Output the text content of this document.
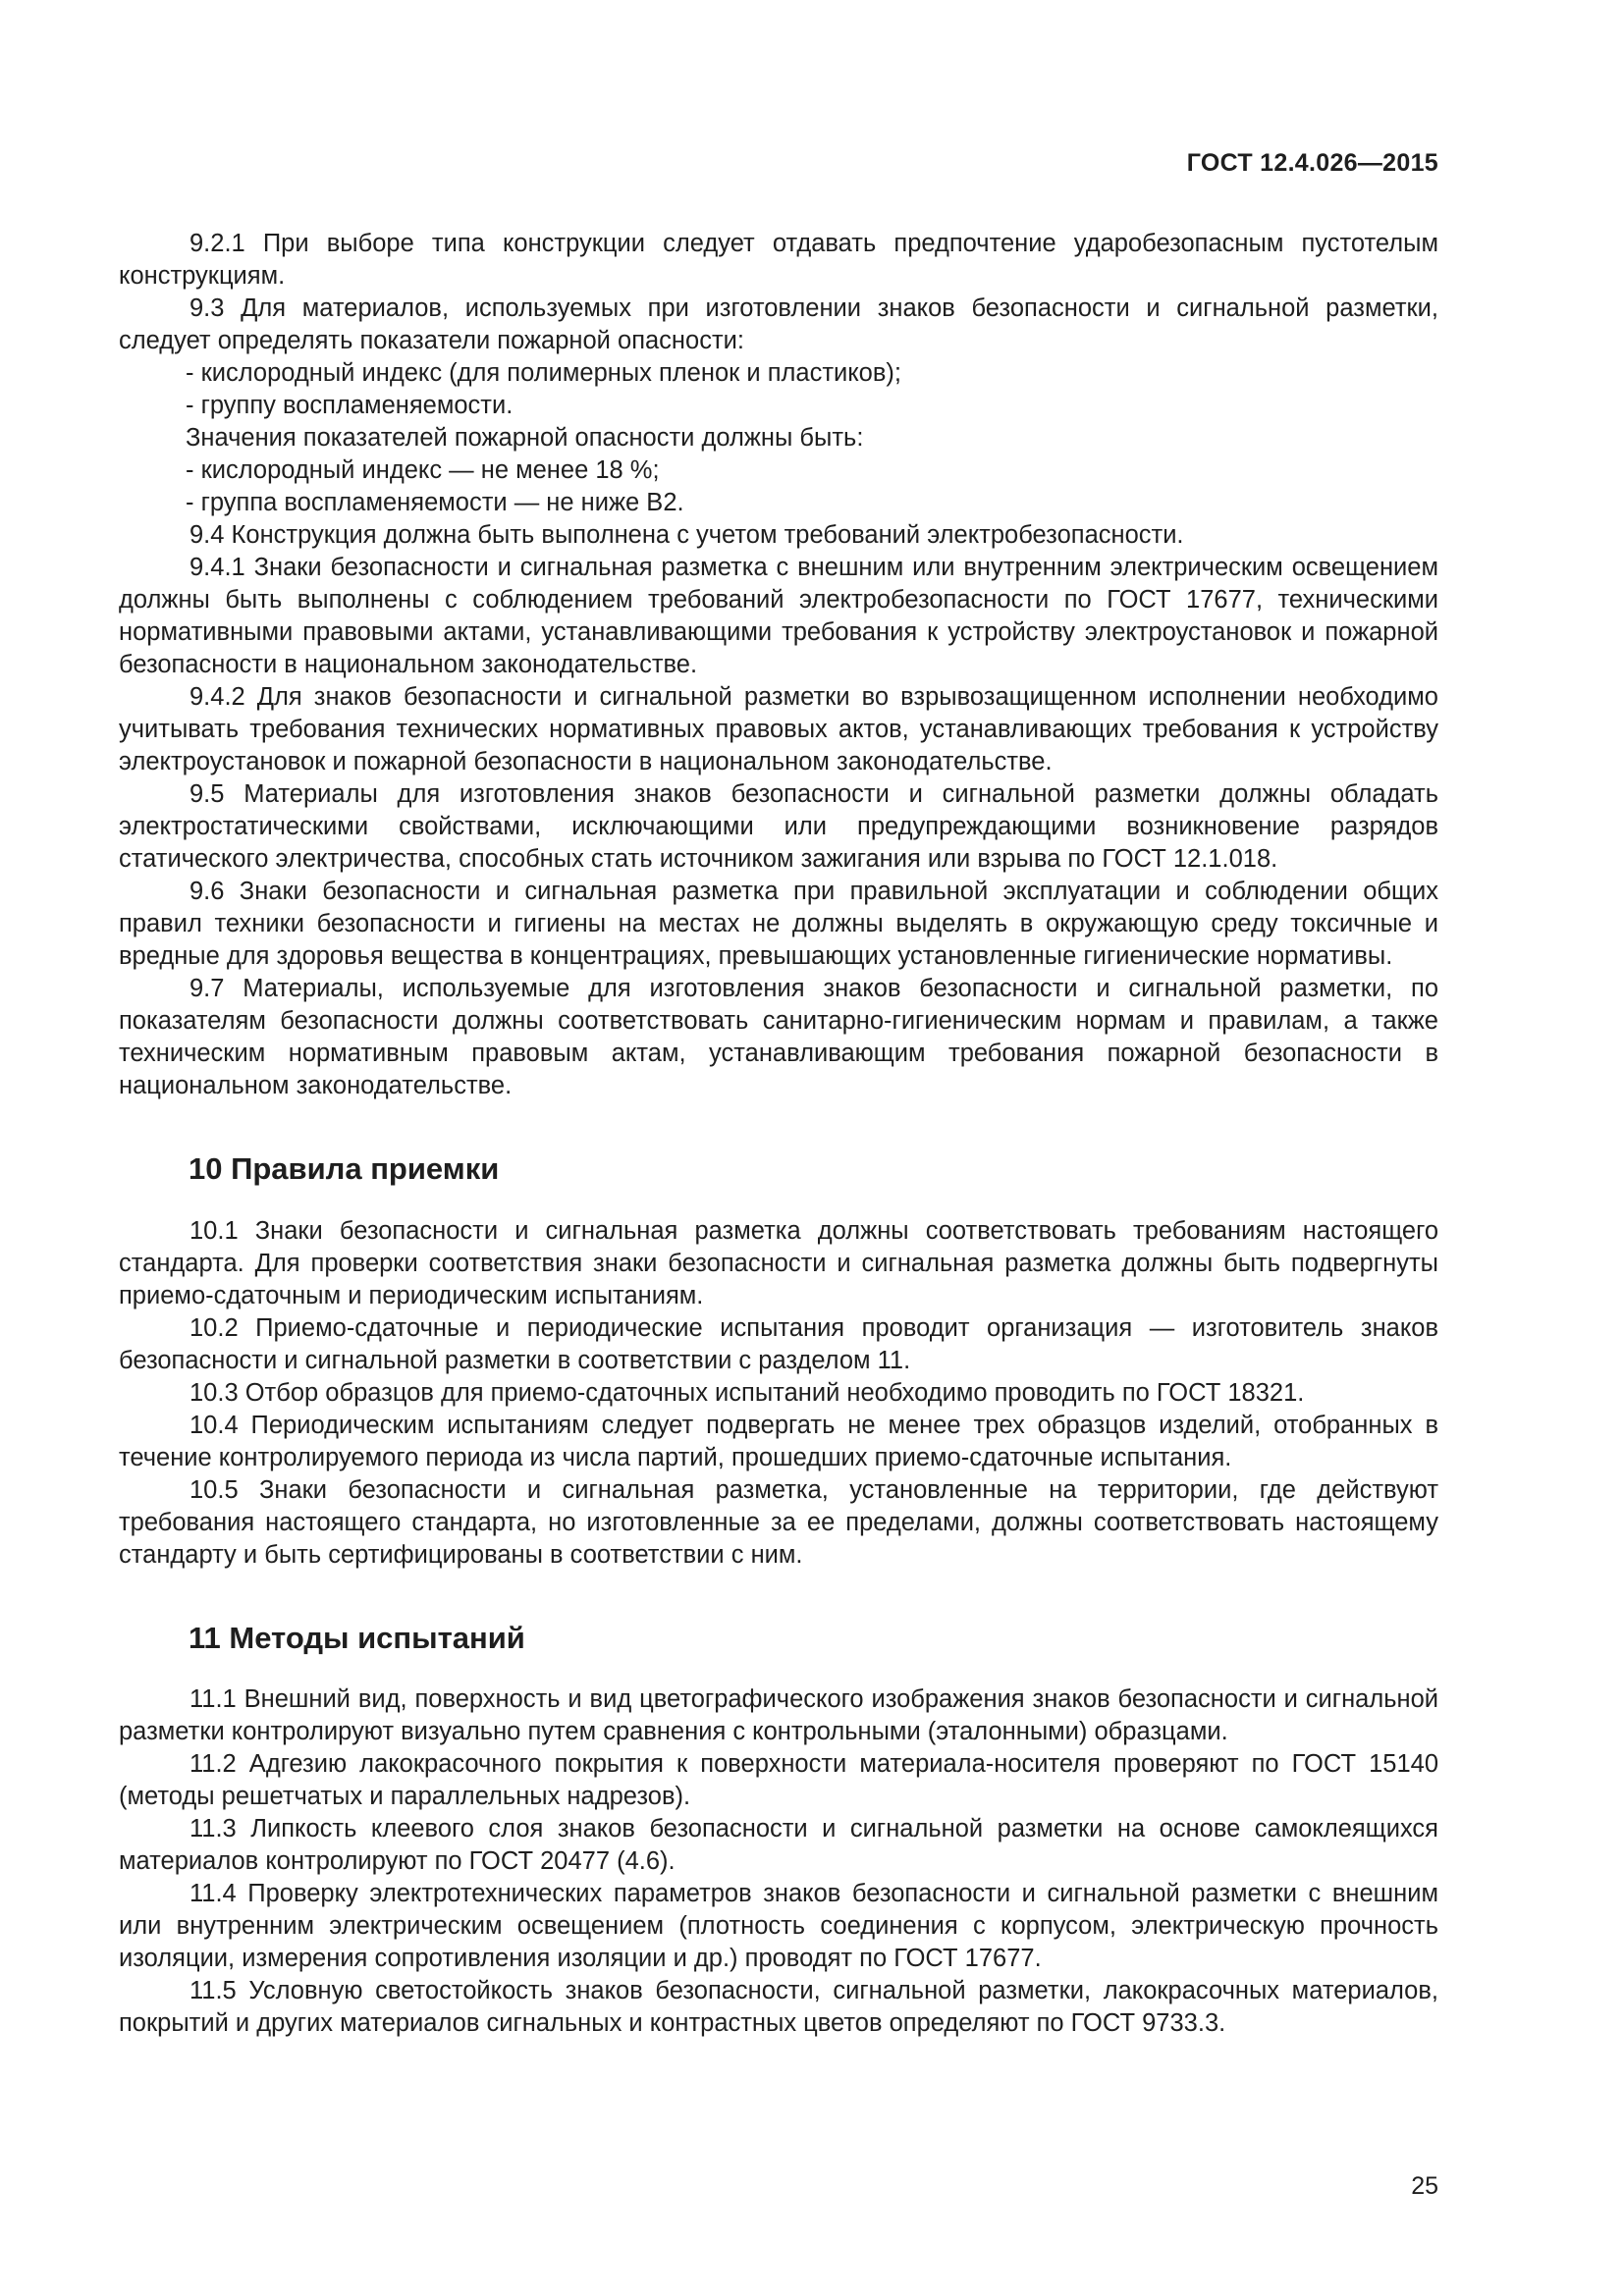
ГОСТ 12.4.026—2015

9.2.1 При выборе типа конструкции следует отдавать предпочтение ударобезопасным пустотелым конструкциям.

9.3 Для материалов, используемых при изготовлении знаков безопасности и сигнальной разметки, следует определять показатели пожарной опасности:

- кислородный индекс (для полимерных пленок и пластиков);

- группу воспламеняемости.

Значения показателей пожарной опасности должны быть:

- кислородный индекс — не менее 18 %;

- группа воспламеняемости — не ниже В2.

9.4 Конструкция должна быть выполнена с учетом требований электробезопасности.

9.4.1 Знаки безопасности и сигнальная разметка с внешним или внутренним электрическим освещением должны быть выполнены с соблюдением требований электробезопасности по ГОСТ 17677, техническими нормативными правовыми актами, устанавливающими требования к устройству электроустановок и пожарной безопасности в национальном законодательстве.

9.4.2 Для знаков безопасности и сигнальной разметки во взрывозащищенном исполнении необходимо учитывать требования технических нормативных правовых актов, устанавливающих требования к устройству электроустановок и пожарной безопасности в национальном законодательстве.

9.5 Материалы для изготовления знаков безопасности и сигнальной разметки должны обладать электростатическими свойствами, исключающими или предупреждающими возникновение разрядов статического электричества, способных стать источником зажигания или взрыва по ГОСТ 12.1.018.

9.6 Знаки безопасности и сигнальная разметка при правильной эксплуатации и соблюдении общих правил техники безопасности и гигиены на местах не должны выделять в окружающую среду токсичные и вредные для здоровья вещества в концентрациях, превышающих установленные гигиенические нормативы.

9.7 Материалы, используемые для изготовления знаков безопасности и сигнальной разметки, по показателям безопасности должны соответствовать санитарно-гигиеническим нормам и правилам, а также техническим нормативным правовым актам, устанавливающим требования пожарной безопасности в национальном законодательстве.

10 Правила приемки

10.1 Знаки безопасности и сигнальная разметка должны соответствовать требованиям настоящего стандарта. Для проверки соответствия знаки безопасности и сигнальная разметка должны быть подвергнуты приемо-сдаточным и периодическим испытаниям.

10.2 Приемо-сдаточные и периодические испытания проводит организация — изготовитель знаков безопасности и сигнальной разметки в соответствии с разделом 11.

10.3 Отбор образцов для приемо-сдаточных испытаний необходимо проводить по ГОСТ 18321.

10.4 Периодическим испытаниям следует подвергать не менее трех образцов изделий, отобранных в течение контролируемого периода из числа партий, прошедших приемо-сдаточные испытания.

10.5 Знаки безопасности и сигнальная разметка, установленные на территории, где действуют требования настоящего стандарта, но изготовленные за ее пределами, должны соответствовать настоящему стандарту и быть сертифицированы в соответствии с ним.

11 Методы испытаний

11.1 Внешний вид, поверхность и вид цветографического изображения знаков безопасности и сигнальной разметки контролируют визуально путем сравнения с контрольными (эталонными) образцами.

11.2 Адгезию лакокрасочного покрытия к поверхности материала-носителя проверяют по ГОСТ 15140 (методы решетчатых и параллельных надрезов).

11.3 Липкость клеевого слоя знаков безопасности и сигнальной разметки на основе самоклеящихся материалов контролируют по ГОСТ 20477 (4.6).

11.4 Проверку электротехнических параметров знаков безопасности и сигнальной разметки с внешним или внутренним электрическим освещением (плотность соединения с корпусом, электрическую прочность изоляции, измерения сопротивления изоляции и др.) проводят по ГОСТ 17677.

11.5 Условную светостойкость знаков безопасности, сигнальной разметки, лакокрасочных материалов, покрытий и других материалов сигнальных и контрастных цветов определяют по ГОСТ 9733.3.

25
